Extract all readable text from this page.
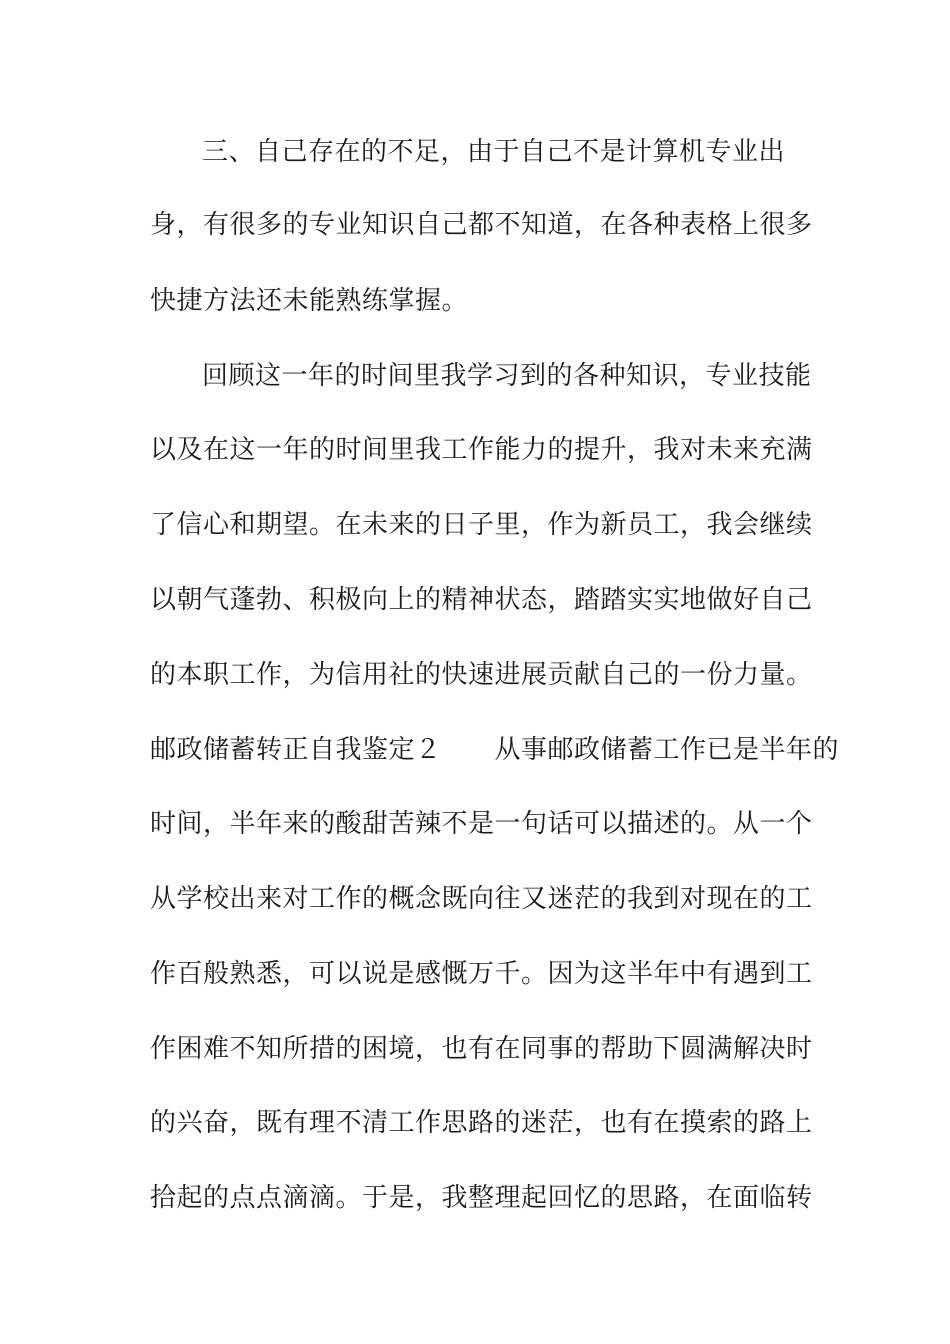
三、自己存在的不足，由于自己不是计算机专业出
身，有很多的专业知识自己都不知道，在各种表格上很多
快捷方法还未能熟练掌握。
回顾这一年的时间里我学习到的各种知识，专业技能
以及在这一年的时间里我工作能力的提升，我对未来充满
了信心和期望。在未来的日子里，作为新员工，我会继续
以朝气蓬勃、积极向上的精神状态，踏踏实实地做好自己
的本职工作，为信用社的快速进展贡献自己的一份力量。
邮政储蓄转正自我鉴定２　　从事邮政储蓄工作已是半年的
时间，半年来的酸甜苦辣不是一句话可以描述的。从一个
从学校出来对工作的概念既向往又迷茫的我到对现在的工
作百般熟悉，可以说是感慨万千。因为这半年中有遇到工
作困难不知所措的困境，也有在同事的帮助下圆满解决时
的兴奋，既有理不清工作思路的迷茫，也有在摸索的路上
拾起的点点滴滴。于是，我整理起回忆的思路，在面临转
